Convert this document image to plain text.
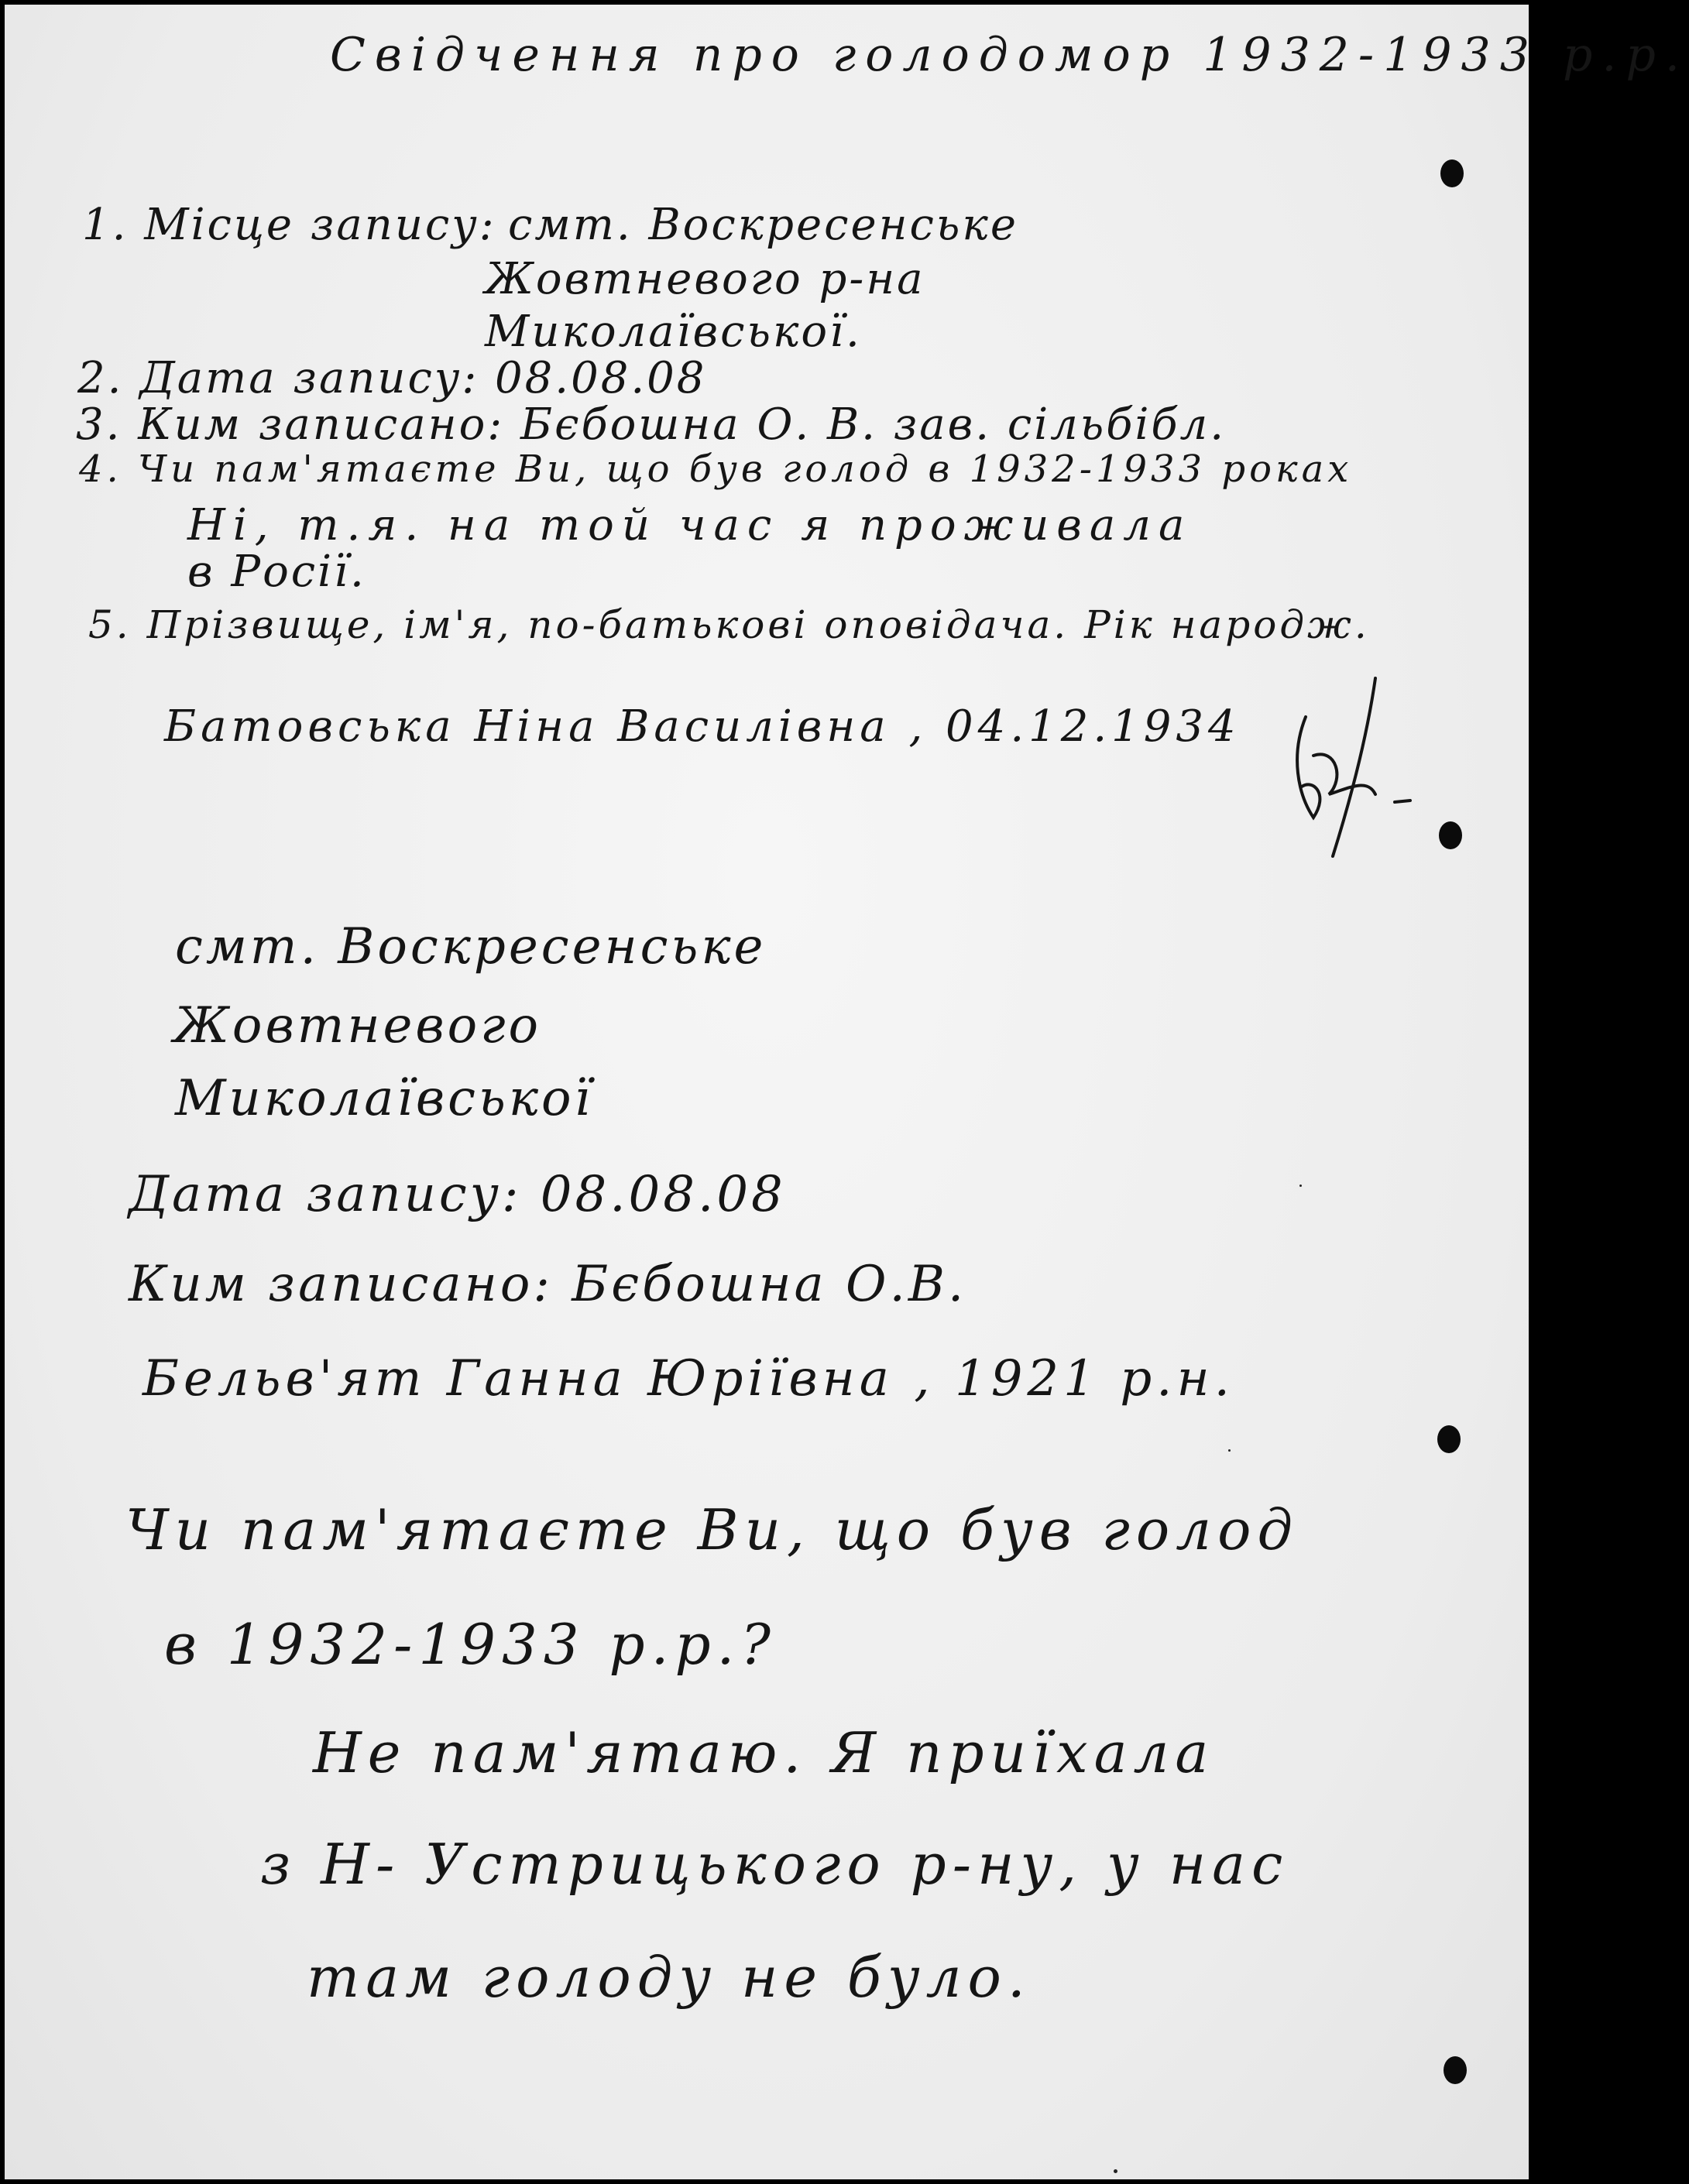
Свідчення про голодомор 1932-1933 р.р.
1. Місце запису: смт. Воскресенське
Жовтневого р-на
Миколаївської.
2. Дата запису: 08.08.08
3. Ким записано: Бєбошна О. В. зав. сільбібл.
4. Чи пам'ятаєте Ви, що був голод в 1932-1933 роках
Ні, т.я. на той час я проживала
в Росії.
5. Прізвище, ім'я, по-батькові оповідача. Рік народж.
Батовська Ніна Василівна , 04.12.1934
смт. Воскресенське
Жовтневого
Миколаївської
Дата запису: 08.08.08
Ким записано: Бєбошна О.В.
Бельв'ят Ганна Юріївна , 1921 р.н.
Чи пам'ятаєте Ви, що був голод
в 1932-1933 р.р.?
Не пам'ятаю. Я приїхала
з Н- Устрицького р-ну, у нас
там голоду не було.
